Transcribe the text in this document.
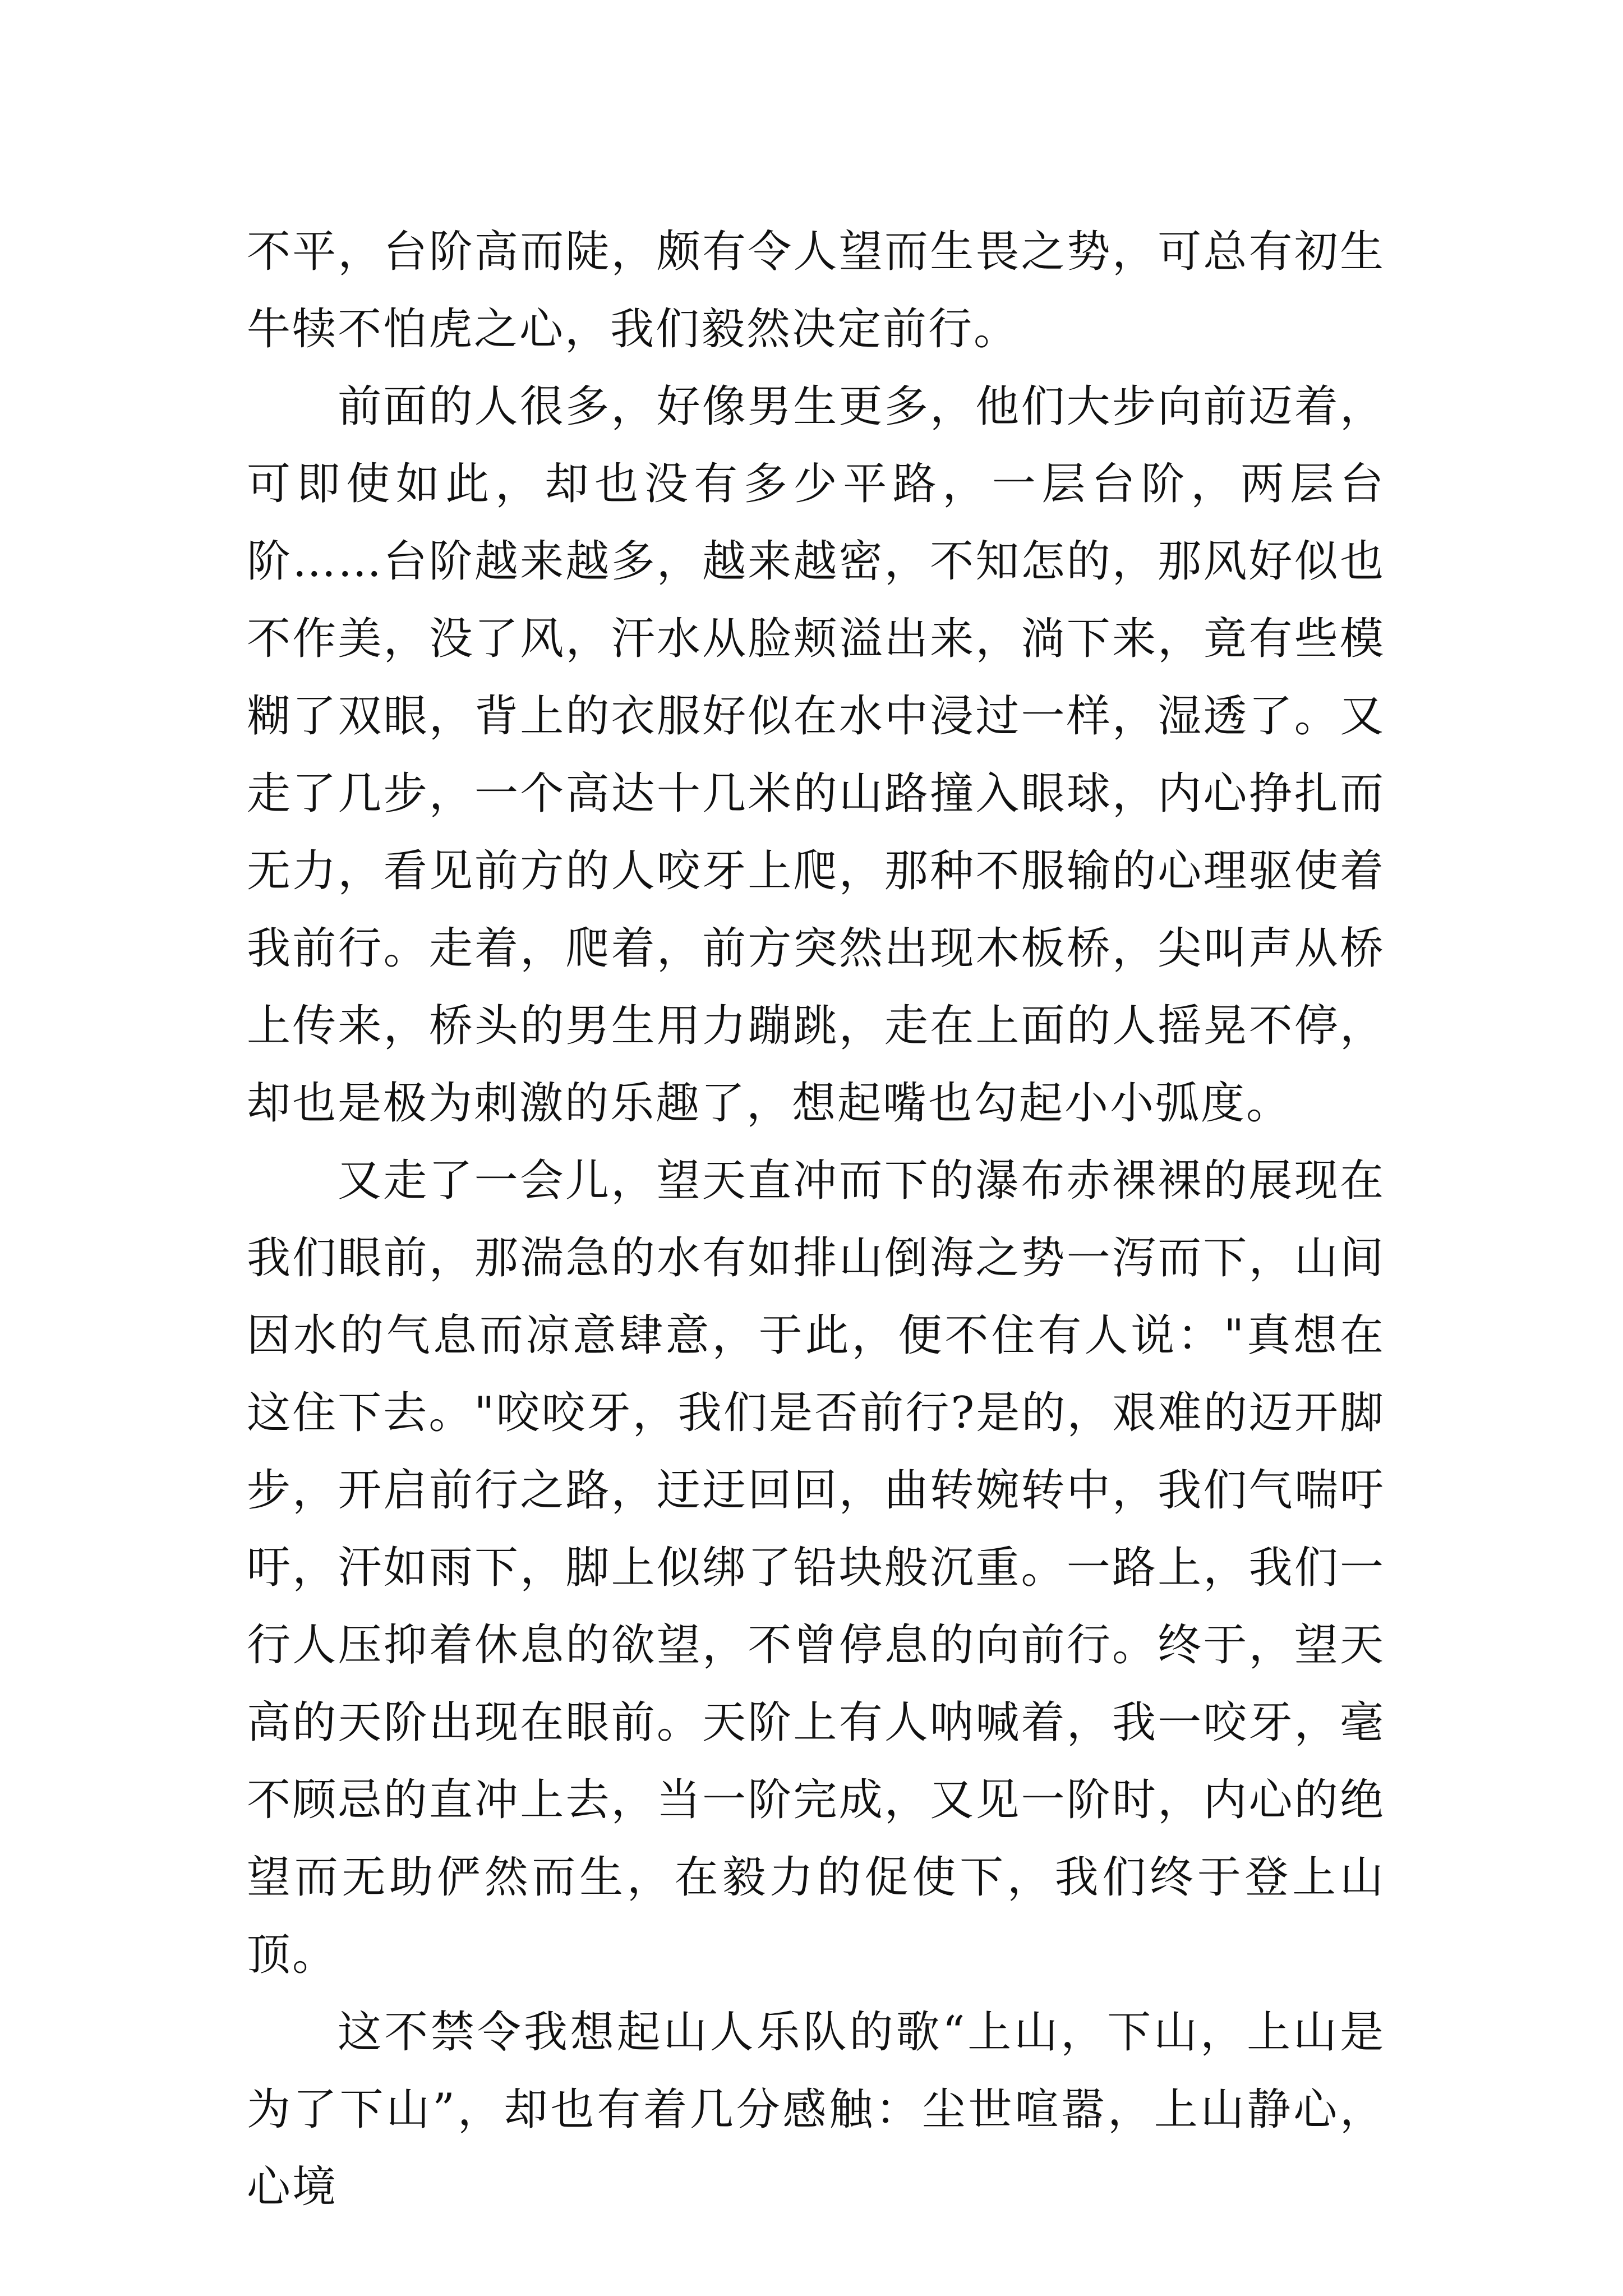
不平，台阶高而陡，颇有令人望而生畏之势，可总有初生牛犊不怕虎之心，我们毅然决定前行。

前面的人很多，好像男生更多，他们大步向前迈着，可即使如此，却也没有多少平路，一层台阶，两层台阶……台阶越来越多，越来越密，不知怎的，那风好似也不作美，没了风，汗水从脸颊溢出来，淌下来，竟有些模糊了双眼，背上的衣服好似在水中浸过一样，湿透了。又走了几步，一个高达十几米的山路撞入眼球，内心挣扎而无力，看见前方的人咬牙上爬，那种不服输的心理驱使着我前行。走着，爬着，前方突然出现木板桥，尖叫声从桥上传来，桥头的男生用力蹦跳，走在上面的人摇晃不停，却也是极为刺激的乐趣了，想起嘴也勾起小小弧度。

又走了一会儿，望天直冲而下的瀑布赤裸裸的展现在我们眼前，那湍急的水有如排山倒海之势一泻而下，山间因水的气息而凉意肆意，于此，便不住有人说："真想在这住下去。"咬咬牙，我们是否前行?是的，艰难的迈开脚步，开启前行之路，迂迂回回，曲转婉转中，我们气喘吁吁，汗如雨下，脚上似绑了铅块般沉重。一路上，我们一行人压抑着休息的欲望，不曾停息的向前行。终于，望天高的天阶出现在眼前。天阶上有人呐喊着，我一咬牙，毫不顾忌的直冲上去，当一阶完成，又见一阶时，内心的绝望而无助俨然而生，在毅力的促使下，我们终于登上山顶。

这不禁令我想起山人乐队的歌“上山，下山，上山是为了下山”，却也有着几分感触：尘世喧嚣，上山静心，心境
